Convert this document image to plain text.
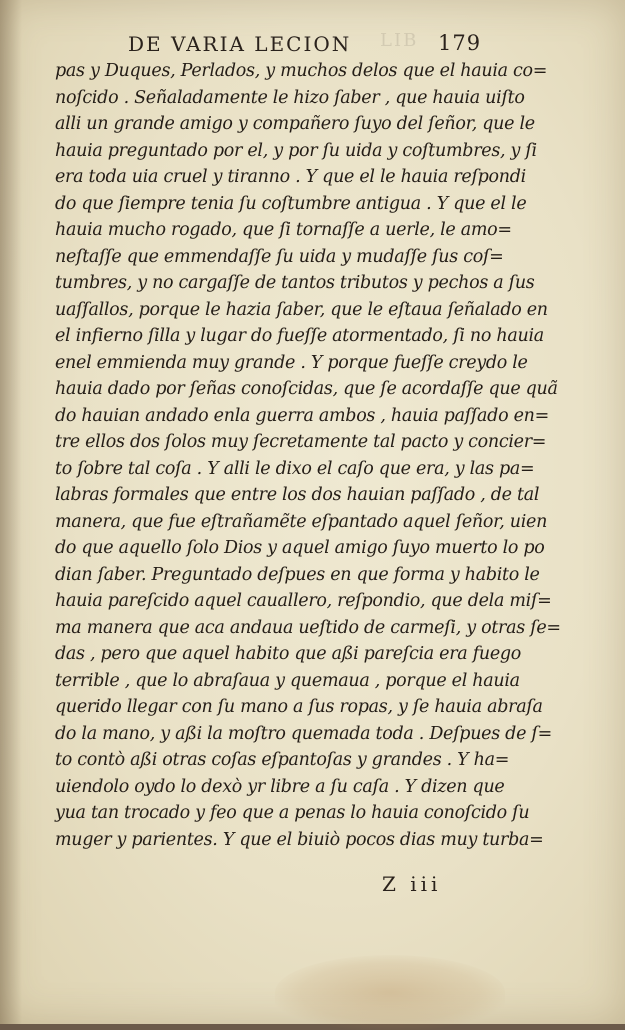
LIB
DE VARIA LECION	179
pas y Duques, Perlados, y muchos delos que el hauia co=
noſcido . Señaladamente le hizo ſaber , que hauia uiſto
alli un grande amigo y compañero ſuyo del ſeñor, que le
hauia preguntado por el, y por ſu uida y coſtumbres, y ſi
era toda uia cruel y tiranno . Y que el le hauia reſpondi
do que ſiempre tenia ſu coſtumbre antigua . Y que el le
hauia mucho rogado, que ſi tornaſſe a uerle, le amo=
neſtaſſe que emmendaſſe ſu uida y mudaſſe ſus coſ=
tumbres, y no cargaſſe de tantos tributos y pechos a ſus
uaſſallos, porque le hazia ſaber, que le eſtaua ſeñalado en
el infierno ſilla y lugar do fueſſe atormentado, ſi no hauia
enel emmienda muy grande . Y porque fueſſe creydo le
hauia dado por ſeñas conoſcidas, que ſe acordaſſe que quã
do hauian andado enla guerra ambos , hauia paſſado en=
tre ellos dos ſolos muy ſecretamente tal pacto y concier=
to ſobre tal coſa . Y alli le dixo el caſo que era, y las pa=
labras formales que entre los dos hauian paſſado , de tal
manera, que fue eſtrañamẽte eſpantado aquel ſeñor, uien
do que aquello ſolo Dios y aquel amigo ſuyo muerto lo po
dian ſaber. Preguntado deſpues en que forma y habito le
hauia pareſcido aquel cauallero, reſpondio, que dela miſ=
ma manera que aca andaua ueſtido de carmeſi, y otras ſe=
das , pero que aquel habito que aßi pareſcia era fuego
terrible , que lo abraſaua y quemaua , porque el hauia
querido llegar con ſu mano a ſus ropas, y ſe hauia abraſa
do la mano, y aßi la moſtro quemada toda . Deſpues de ſ=
to contò aßi otras coſas eſpantoſas y grandes . Y ha=
uiendolo oydo lo dexò yr libre a ſu caſa . Y dizen que
yua tan trocado y feo que a penas lo hauia conoſcido ſu
muger y parientes. Y que el biuiò pocos dias muy turba=
Z iii
